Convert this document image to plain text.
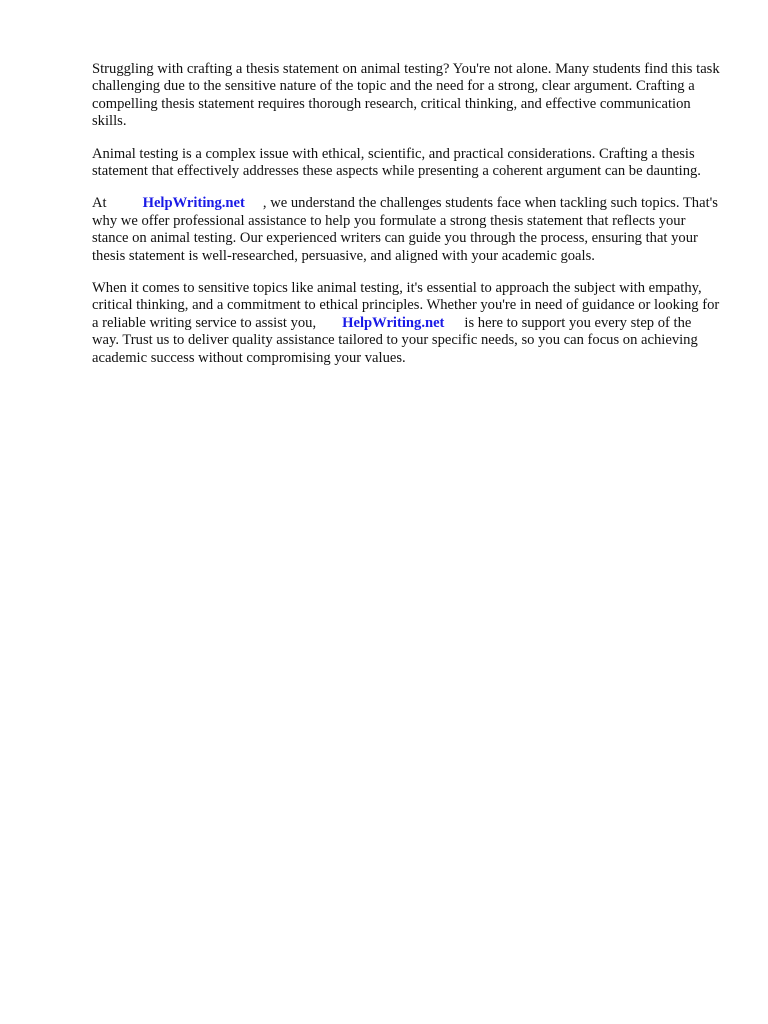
Struggling with crafting a thesis statement on animal testing? You're not alone. Many students find this task challenging due to the sensitive nature of the topic and the need for a strong, clear argument. Crafting a compelling thesis statement requires thorough research, critical thinking, and effective communication skills.

Animal testing is a complex issue with ethical, scientific, and practical considerations. Crafting a thesis statement that effectively addresses these aspects while presenting a coherent argument can be daunting.

At HelpWriting.net , we understand the challenges students face when tackling such topics. That's why we offer professional assistance to help you formulate a strong thesis statement that reflects your stance on animal testing. Our experienced writers can guide you through the process, ensuring that your thesis statement is well-researched, persuasive, and aligned with your academic goals.

When it comes to sensitive topics like animal testing, it's essential to approach the subject with empathy, critical thinking, and a commitment to ethical principles. Whether you're in need of guidance or looking for a reliable writing service to assist you, HelpWriting.net is here to support you every step of the way. Trust us to deliver quality assistance tailored to your specific needs, so you can focus on achieving academic success without compromising your values.
